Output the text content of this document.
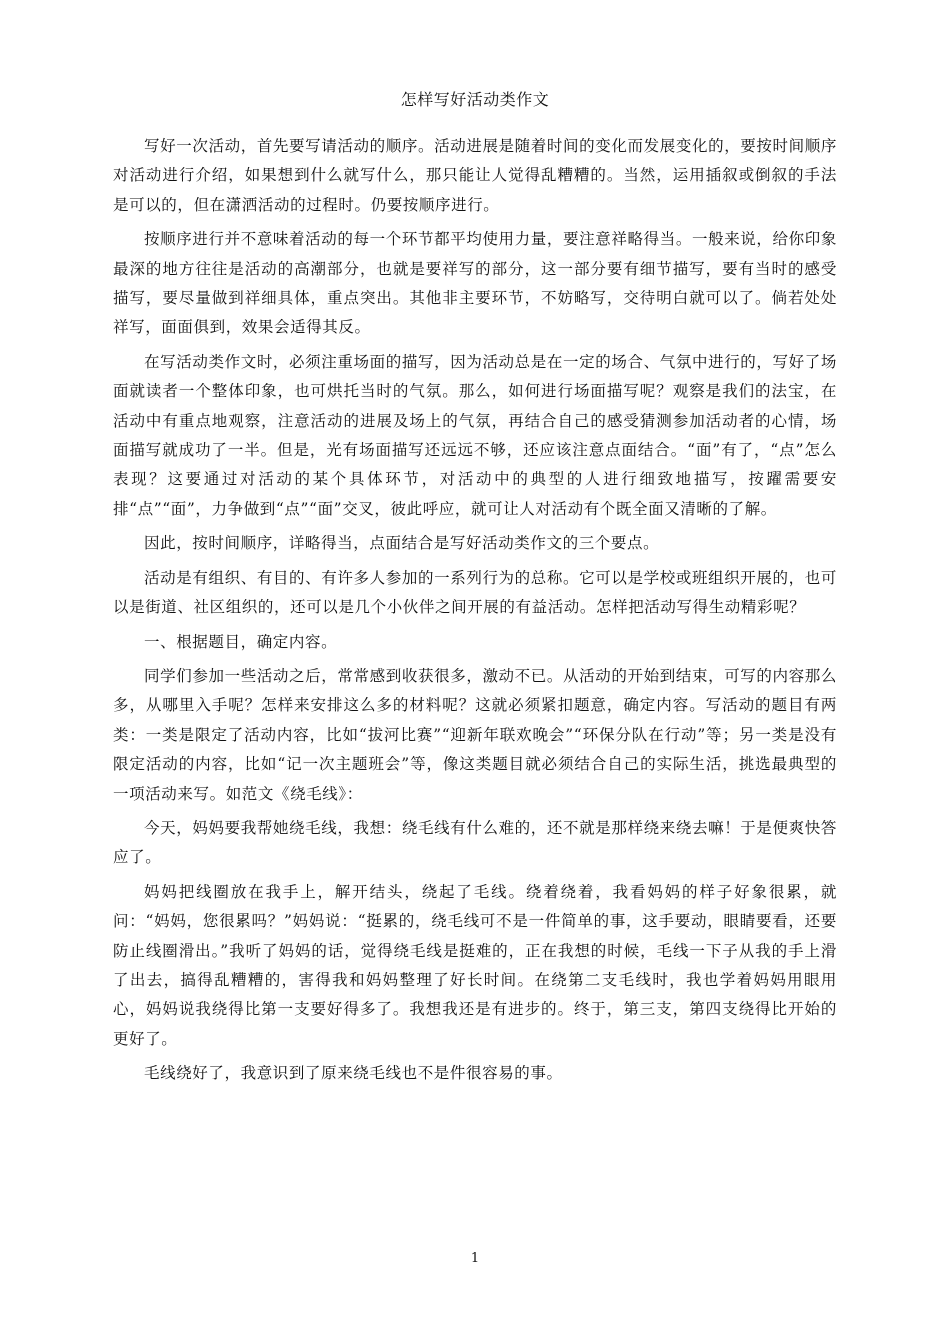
怎样写好活动类作文

写好一次活动，首先要写请活动的顺序。活动进展是随着时间的变化而发展变化的，要按时间顺序对活动进行介绍，如果想到什么就写什么，那只能让人觉得乱糟糟的。当然，运用插叙或倒叙的手法是可以的，但在潇洒活动的过程时。仍要按顺序进行。

按顺序进行并不意味着活动的每一个环节都平均使用力量，要注意祥略得当。一般来说，给你印象最深的地方往往是活动的高潮部分，也就是要祥写的部分，这一部分要有细节描写，要有当时的感受描写，要尽量做到祥细具体，重点突出。其他非主要环节，不妨略写，交待明白就可以了。倘若处处祥写，面面俱到，效果会适得其反。

在写活动类作文时，必须注重场面的描写，因为活动总是在一定的场合、气氛中进行的，写好了场面就读者一个整体印象，也可烘托当时的气氛。那么，如何进行场面描写呢？观察是我们的法宝，在活动中有重点地观察，注意活动的进展及场上的气氛，再结合自己的感受猜测参加活动者的心情，场面描写就成功了一半。但是，光有场面描写还远远不够，还应该注意点面结合。“面”有了，“点”怎么表现？这要通过对活动的某个具体环节，对活动中的典型的人进行细致地描写，按躍需要安排“点”“面”，力争做到“点”“面”交叉，彼此呼应，就可让人对活动有个既全面又清晰的了解。

因此，按时间顺序，详略得当，点面结合是写好活动类作文的三个要点。

活动是有组织、有目的、有许多人参加的一系列行为的总称。它可以是学校或班组织开展的，也可以是街道、社区组织的，还可以是几个小伙伴之间开展的有益活动。怎样把活动写得生动精彩呢？

一、根据题目，确定内容。

同学们参加一些活动之后，常常感到收获很多，激动不已。从活动的开始到结束，可写的内容那么多，从哪里入手呢？怎样来安排这么多的材料呢？这就必须紧扣题意，确定内容。写活动的题目有两类：一类是限定了活动内容，比如“拔河比赛”“迎新年联欢晚会”“环保分队在行动”等；另一类是没有限定活动的内容，比如“记一次主题班会”等，像这类题目就必须结合自己的实际生活，挑选最典型的一项活动来写。如范文《绕毛线》：

今天，妈妈要我帮她绕毛线，我想：绕毛线有什么难的，还不就是那样绕来绕去嘛！于是便爽快答应了。

妈妈把线圈放在我手上，解开结头，绕起了毛线。绕着绕着，我看妈妈的样子好象很累，就问：“妈妈，您很累吗？”妈妈说：“挺累的，绕毛线可不是一件简单的事，这手要动，眼睛要看，还要防止线圈滑出。”我听了妈妈的话，觉得绕毛线是挺难的，正在我想的时候，毛线一下子从我的手上滑了出去，搞得乱糟糟的，害得我和妈妈整理了好长时间。在绕第二支毛线时，我也学着妈妈用眼用心，妈妈说我绕得比第一支要好得多了。我想我还是有进步的。终于，第三支，第四支绕得比开始的更好了。

毛线绕好了，我意识到了原来绕毛线也不是件很容易的事。

1
